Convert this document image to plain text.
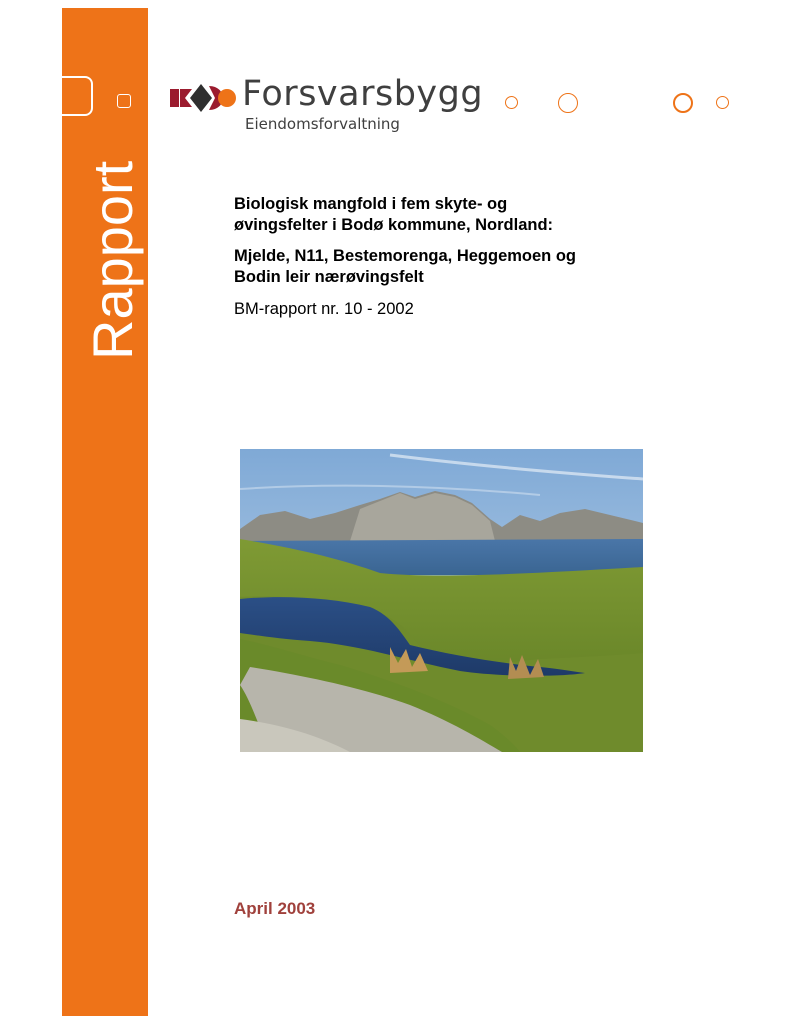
Rapport
Forsvarsbygg
Eiendomsforvaltning

Biologisk mangfold i fem skyte- og
øvingsfelter i Bodø kommune, Nordland:

Mjelde, N11, Bestemorenga, Heggemoen og
Bodin leir nærøvingsfelt

BM-rapport nr. 10 - 2002
April 2003
